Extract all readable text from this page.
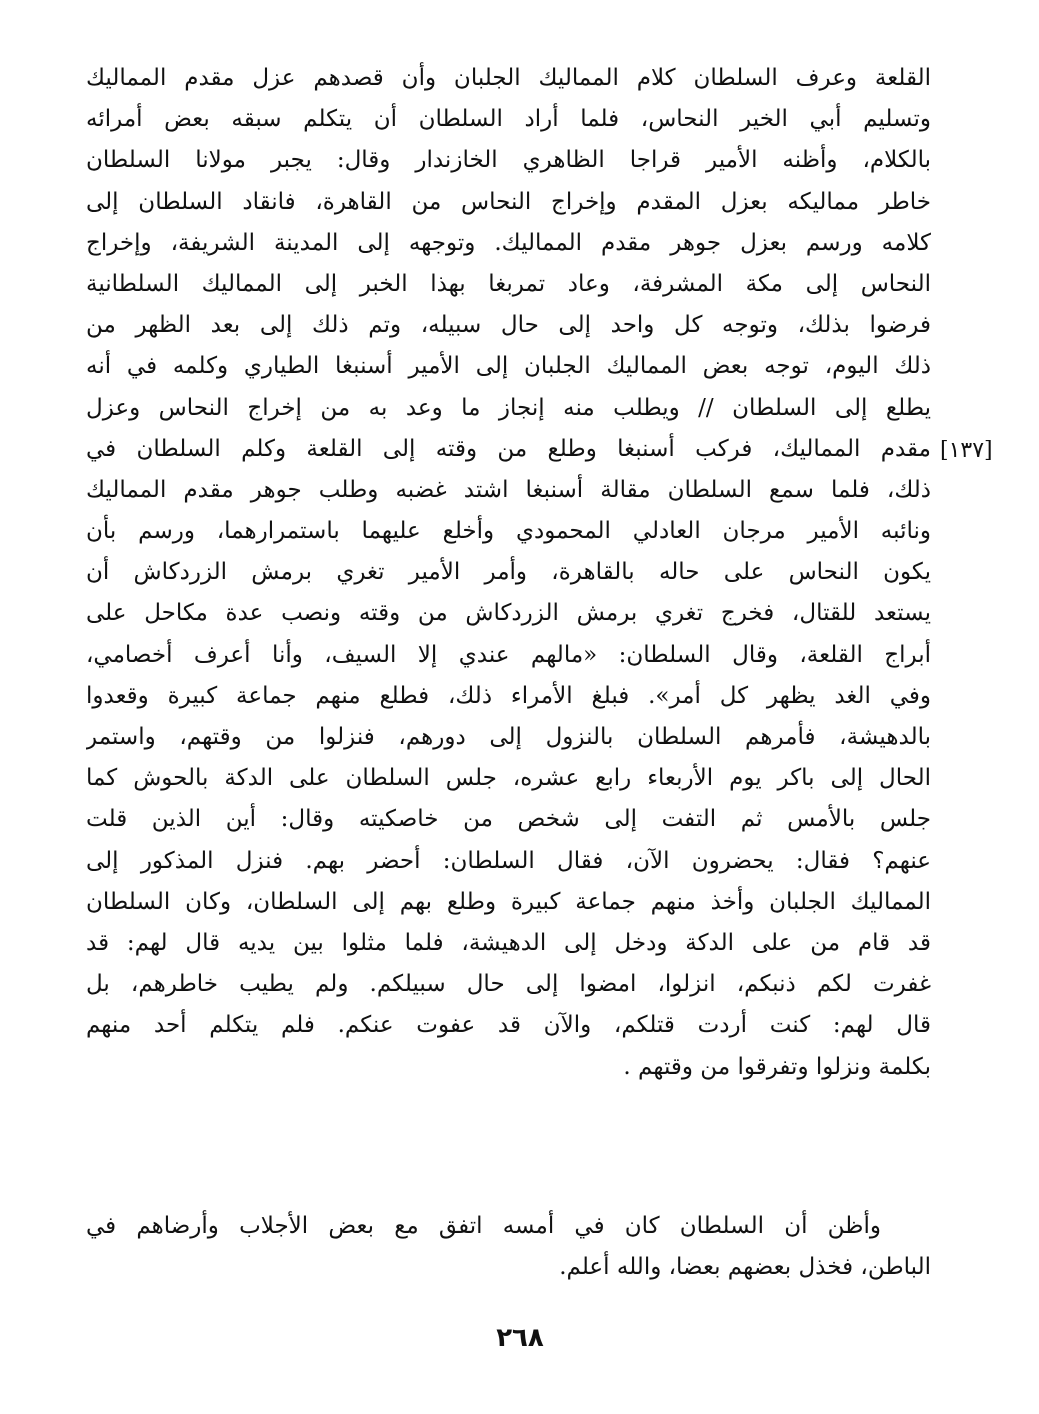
القلعة وعرف السلطان كلام المماليك الجلبان وأن قصدهم عزل مقدم المماليك
وتسليم أبي الخير النحاس، فلما أراد السلطان أن يتكلم سبقه بعض أمرائه
بالكلام، وأظنه الأمير قراجا الظاهري الخازندار وقال: يجبر مولانا السلطان
خاطر مماليكه بعزل المقدم وإخراج النحاس من القاهرة، فانقاد السلطان إلى
كلامه ورسم بعزل جوهر مقدم المماليك. وتوجهه إلى المدينة الشريفة، وإخراج
النحاس إلى مكة المشرفة، وعاد تمربغا بهذا الخبر إلى المماليك السلطانية
فرضوا بذلك، وتوجه كل واحد إلى حال سبيله، وتم ذلك إلى بعد الظهر من
ذلك اليوم، توجه بعض المماليك الجلبان إلى الأمير أسنبغا الطياري وكلمه في أنه
يطلع إلى السلطان // ويطلب منه إنجاز ما وعد به من إخراج النحاس وعزل
مقدم المماليك، فركب أسنبغا وطلع من وقته إلى القلعة وكلم السلطان في
ذلك، فلما سمع السلطان مقالة أسنبغا اشتد غضبه وطلب جوهر مقدم المماليك
ونائبه الأمير مرجان العادلي المحمودي وأخلع عليهما باستمرارهما، ورسم بأن
يكون النحاس على حاله بالقاهرة، وأمر الأمير تغري برمش الزردكاش أن
يستعد للقتال، فخرج تغري برمش الزردكاش من وقته ونصب عدة مكاحل على
أبراج القلعة، وقال السلطان: «مالهم عندي إلا السيف، وأنا أعرف أخصامي،
وفي الغد يظهر كل أمر». فبلغ الأمراء ذلك، فطلع منهم جماعة كبيرة وقعدوا
بالدهيشة، فأمرهم السلطان بالنزول إلى دورهم، فنزلوا من وقتهم، واستمر
الحال إلى باكر يوم الأربعاء رابع عشره، جلس السلطان على الدكة بالحوش كما
جلس بالأمس ثم التفت إلى شخص من خاصكيته وقال: أين الذين قلت
عنهم؟ فقال: يحضرون الآن، فقال السلطان: أحضر بهم. فنزل المذكور إلى
المماليك الجلبان وأخذ منهم جماعة كبيرة وطلع بهم إلى السلطان، وكان السلطان
قد قام من على الدكة ودخل إلى الدهيشة، فلما مثلوا بين يديه قال لهم: قد
غفرت لكم ذنبكم، انزلوا، امضوا إلى حال سبيلكم. ولم يطيب خاطرهم، بل
قال لهم: كنت أردت قتلكم، والآن قد عفوت عنكم. فلم يتكلم أحد منهم
بكلمة ونزلوا وتفرقوا من وقتهم .
[١٣٧]
وأظن أن السلطان كان في أمسه اتفق مع بعض الأجلاب وأرضاهم في
الباطن، فخذل بعضهم بعضا، والله أعلم.
٢٦٨
